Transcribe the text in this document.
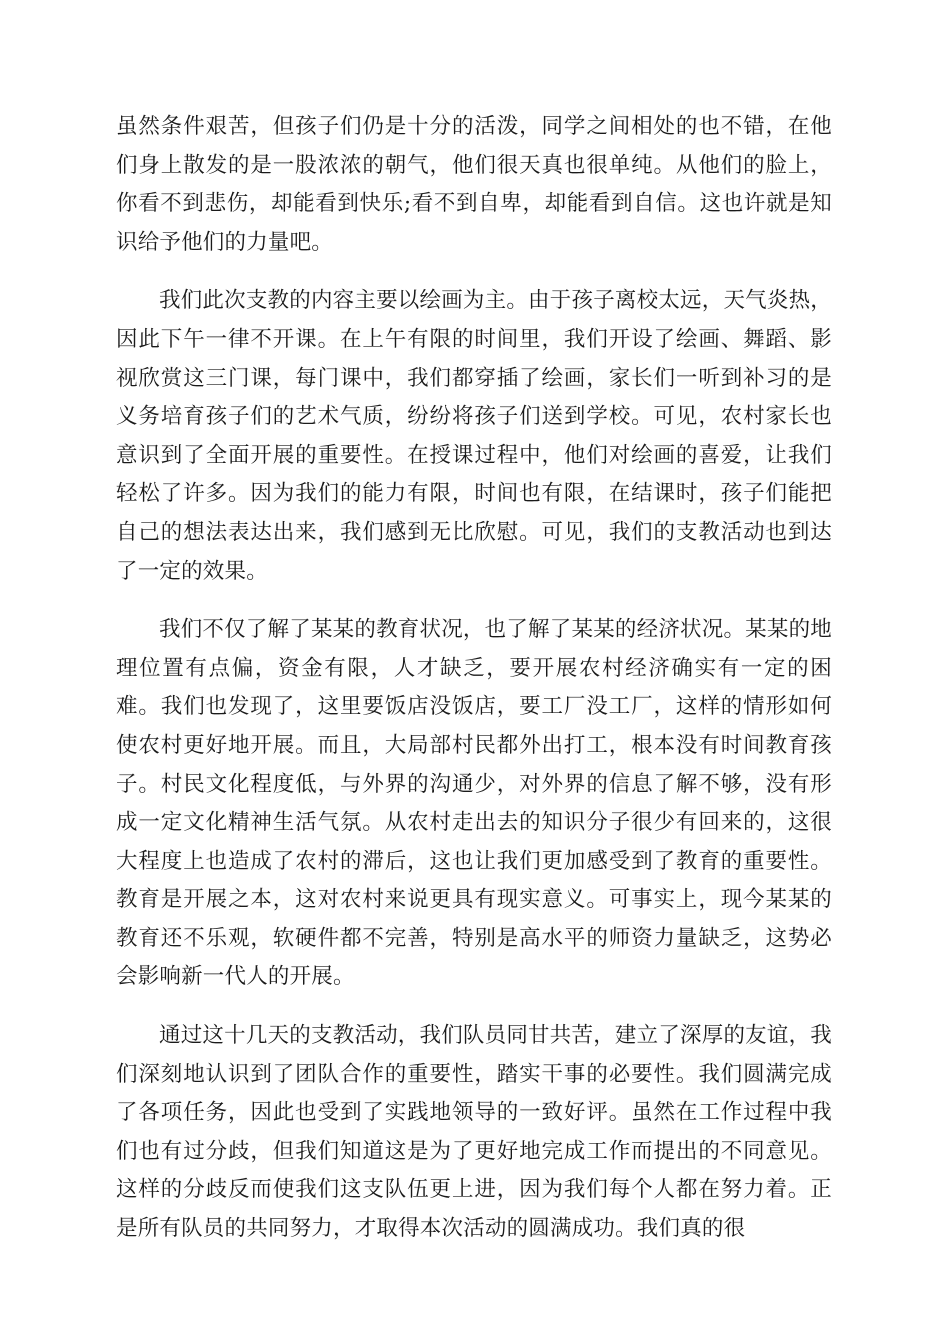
虽然条件艰苦，但孩子们仍是十分的活泼，同学之间相处的也不错，在他们身上散发的是一股浓浓的朝气，他们很天真也很单纯。从他们的脸上，你看不到悲伤，却能看到快乐;看不到自卑，却能看到自信。这也许就是知识给予他们的力量吧。

我们此次支教的内容主要以绘画为主。由于孩子离校太远，天气炎热，因此下午一律不开课。在上午有限的时间里，我们开设了绘画、舞蹈、影视欣赏这三门课，每门课中，我们都穿插了绘画，家长们一听到补习的是义务培育孩子们的艺术气质，纷纷将孩子们送到学校。可见，农村家长也意识到了全面开展的重要性。在授课过程中，他们对绘画的喜爱，让我们轻松了许多。因为我们的能力有限，时间也有限，在结课时，孩子们能把自己的想法表达出来，我们感到无比欣慰。可见，我们的支教活动也到达了一定的效果。

我们不仅了解了某某的教育状况，也了解了某某的经济状况。某某的地理位置有点偏，资金有限，人才缺乏，要开展农村经济确实有一定的困难。我们也发现了，这里要饭店没饭店，要工厂没工厂，这样的情形如何使农村更好地开展。而且，大局部村民都外出打工，根本没有时间教育孩子。村民文化程度低，与外界的沟通少，对外界的信息了解不够，没有形成一定文化精神生活气氛。从农村走出去的知识分子很少有回来的，这很大程度上也造成了农村的滞后，这也让我们更加感受到了教育的重要性。教育是开展之本，这对农村来说更具有现实意义。可事实上，现今某某的教育还不乐观，软硬件都不完善，特别是高水平的师资力量缺乏，这势必会影响新一代人的开展。

通过这十几天的支教活动，我们队员同甘共苦，建立了深厚的友谊，我们深刻地认识到了团队合作的重要性，踏实干事的必要性。我们圆满完成了各项任务，因此也受到了实践地领导的一致好评。虽然在工作过程中我们也有过分歧，但我们知道这是为了更好地完成工作而提出的不同意见。这样的分歧反而使我们这支队伍更上进，因为我们每个人都在努力着。正是所有队员的共同努力，才取得本次活动的圆满成功。我们真的很
